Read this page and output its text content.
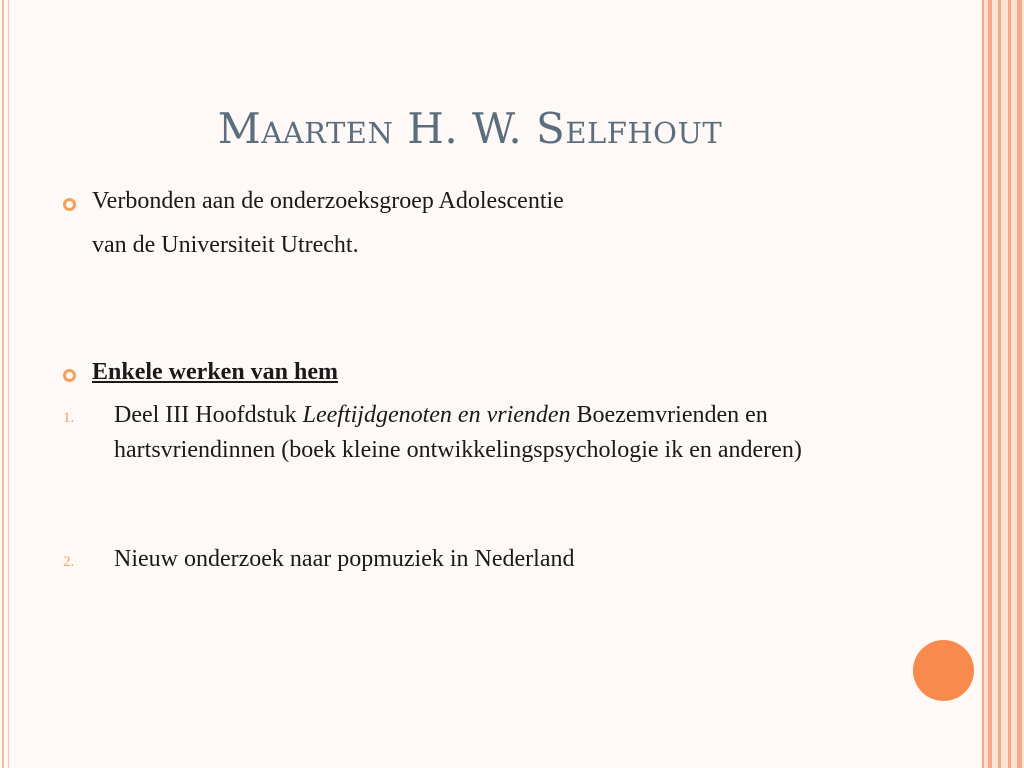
Maarten H. W. Selfhout
Verbonden aan de onderzoeksgroep Adolescentie
van de Universiteit Utrecht.
Enkele werken van hem
1. Deel III Hoofdstuk Leeftijdgenoten en vrienden Boezemvrienden en hartsvriendinnen (boek kleine ontwikkelingspsychologie ik en anderen)
2. Nieuw onderzoek naar popmuziek in Nederland
